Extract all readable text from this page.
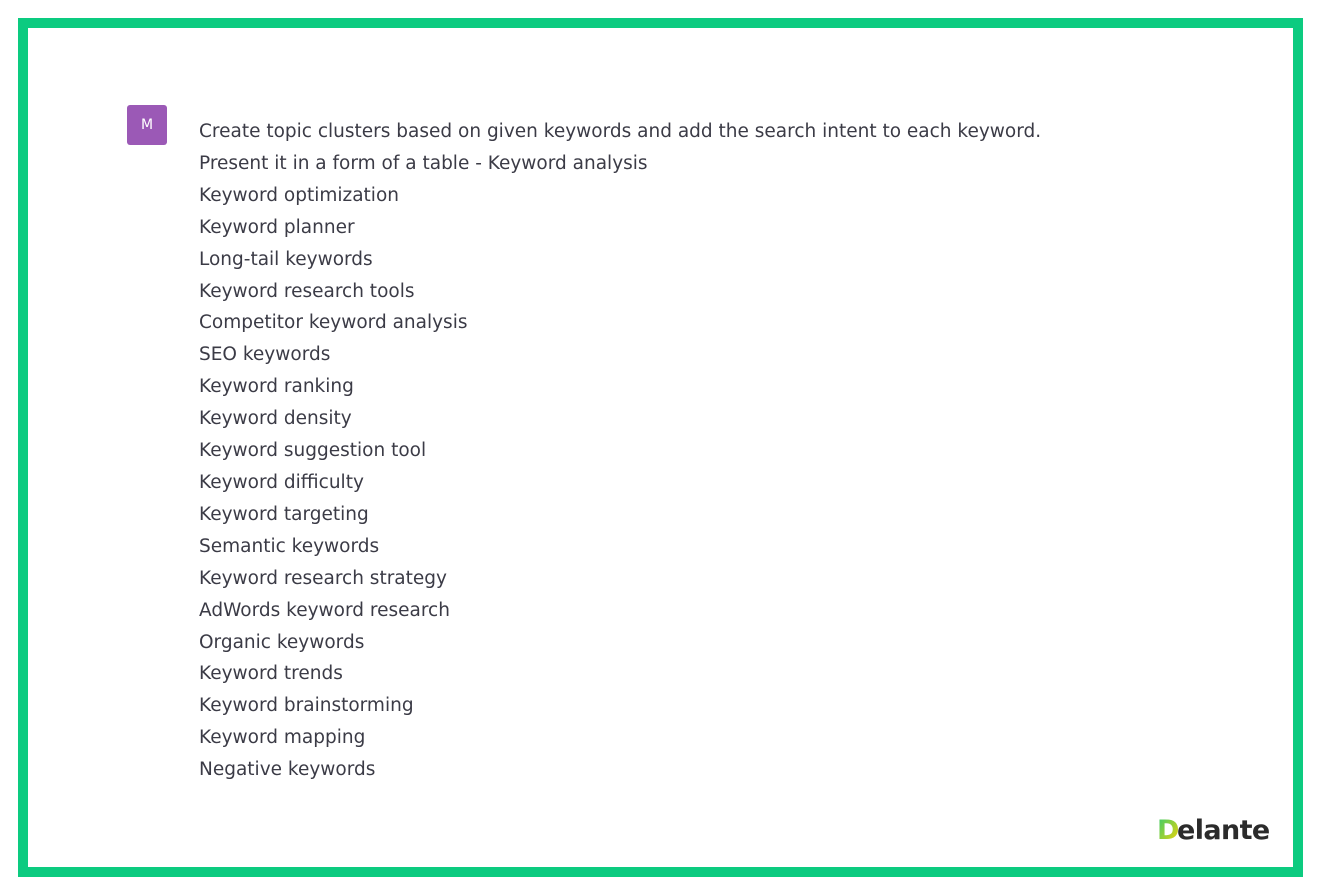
M	Create topic clusters based on given keywords and add the search intent to each keyword.
Present it in a form of a table - Keyword analysis
Keyword optimization
Keyword planner
Long-tail keywords
Keyword research tools
Competitor keyword analysis
SEO keywords
Keyword ranking
Keyword density
Keyword suggestion tool
Keyword difficulty
Keyword targeting
Semantic keywords
Keyword research strategy
AdWords keyword research
Organic keywords
Keyword trends
Keyword brainstorming
Keyword mapping
Negative keywords
D
elante
